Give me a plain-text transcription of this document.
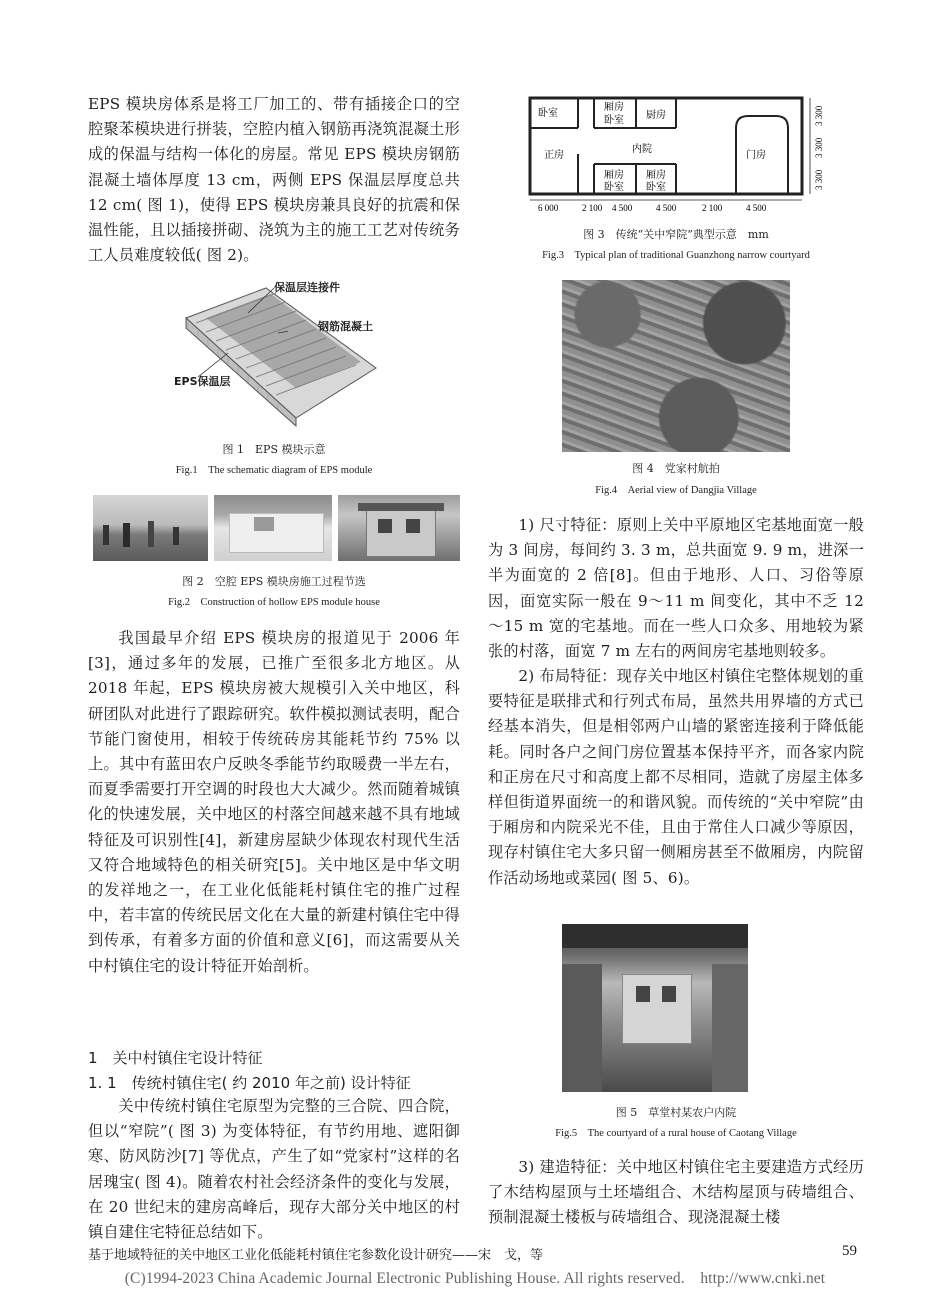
EPS 模块房体系是将工厂加工的、带有插接企口的空腔聚苯模块进行拼装，空腔内植入钢筋再浇筑混凝土形成的保温与结构一体化的房屋。常见 EPS 模块房钢筋混凝土墙体厚度 13 cm，两侧 EPS 保温层厚度总共 12 cm( 图 1)，使得 EPS 模块房兼具良好的抗震和保温性能，且以插接拼砌、浇筑为主的施工工艺对传统务工人员难度较低( 图 2)。

保温层连接件
钢筋混凝土
EPS保温层
图 1　EPS 模块示意
Fig.1　The schematic diagram of EPS module
图 2　空腔 EPS 模块房施工过程节选
Fig.2　Construction of hollow EPS module house

我国最早介绍 EPS 模块房的报道见于 2006 年[3]，通过多年的发展，已推广至很多北方地区。从 2018 年起，EPS 模块房被大规模引入关中地区，科研团队对此进行了跟踪研究。软件模拟测试表明，配合节能门窗使用，相较于传统砖房其能耗节约 75% 以上。其中有蓝田农户反映冬季能节约取暖费一半左右，而夏季需要打开空调的时段也大大减少。然而随着城镇化的快速发展，关中地区的村落空间越来越不具有地域特征及可识别性[4]，新建房屋缺少体现农村现代生活又符合地域特色的相关研究[5]。关中地区是中华文明的发祥地之一，在工业化低能耗村镇住宅的推广过程中，若丰富的传统民居文化在大量的新建村镇住宅中得到传承，有着多方面的价值和意义[6]，而这需要从关中村镇住宅的设计特征开始剖析。

1　关中村镇住宅设计特征
1. 1　传统村镇住宅( 约 2010 年之前) 设计特征

关中传统村镇住宅原型为完整的三合院、四合院，但以“窄院”( 图 3) 为变体特征，有节约用地、遮阳御寒、防风防沙[7] 等优点，产生了如“党家村”这样的名居瑰宝( 图 4)。随着农村社会经济条件的变化与发展，在 20 世纪末的建房高峰后，现存大部分关中地区的村镇自建住宅特征总结如下。

卧室
正房
厢房
卧室 厨房
内院
厢房
卧室
厢房
卧室
门房
6 000	2 100 4 500	4 500	2 100	4 500
3 300
3 300
3 300
图 3　传统“关中窄院”典型示意　mm
Fig.3　Typical plan of traditional Guanzhong narrow courtyard
图 4　党家村航拍
Fig.4　Aerial view of Dangjia Village

1) 尺寸特征：原则上关中平原地区宅基地面宽一般为 3 间房，每间约 3. 3 m，总共面宽 9. 9 m，进深一半为面宽的 2 倍[8]。但由于地形、人口、习俗等原因，面宽实际一般在 9～11 m 间变化，其中不乏 12～15 m 宽的宅基地。而在一些人口众多、用地较为紧张的村落，面宽 7 m 左右的两间房宅基地则较多。

2) 布局特征：现存关中地区村镇住宅整体规划的重要特征是联排式和行列式布局，虽然共用界墙的方式已经基本消失，但是相邻两户山墙的紧密连接利于降低能耗。同时各户之间门房位置基本保持平齐，而各家内院和正房在尺寸和高度上都不尽相同，造就了房屋主体多样但街道界面统一的和谐风貌。而传统的“关中窄院”由于厢房和内院采光不佳，且由于常住人口减少等原因，现存村镇住宅大多只留一侧厢房甚至不做厢房，内院留作活动场地或菜园( 图 5、6)。

图 5　草堂村某农户内院
Fig.5　The courtyard of a rural house of Caotang Village

3) 建造特征：关中地区村镇住宅主要建造方式经历了木结构屋顶与土坯墙组合、木结构屋顶与砖墙组合、预制混凝土楼板与砖墙组合、现浇混凝土楼

基于地域特征的关中地区工业化低能耗村镇住宅参数化设计研究——宋　戈，等	59
(C)1994-2023 China Academic Journal Electronic Publishing House. All rights reserved.　http://www.cnki.net
